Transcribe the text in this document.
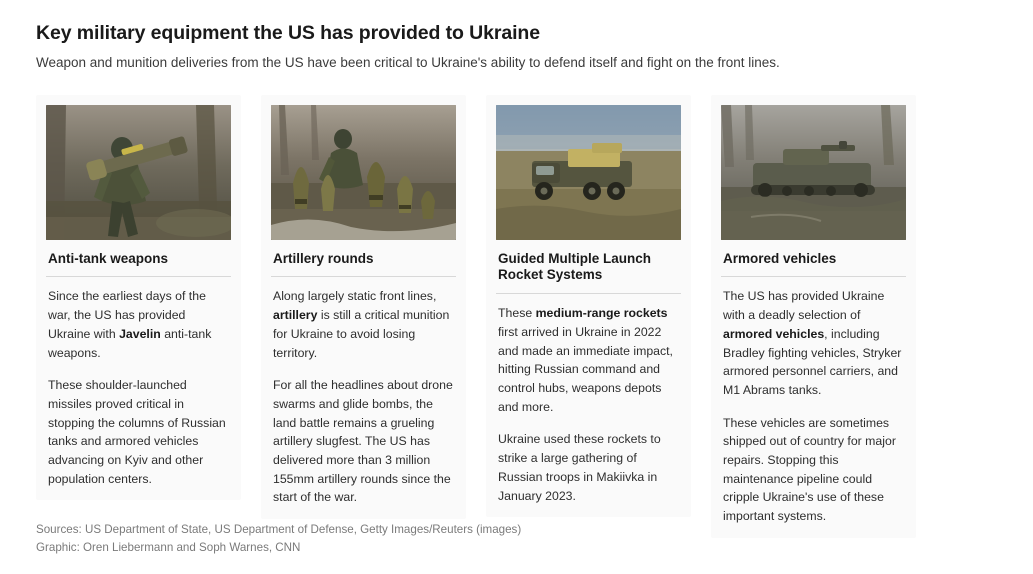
Key military equipment the US has provided to Ukraine

Weapon and munition deliveries from the US have been critical to Ukraine's ability to defend itself and fight on the front lines.

Anti-tank weapons

Since the earliest days of the war, the US has provided Ukraine with Javelin anti-tank weapons.

These shoulder-launched missiles proved critical in stopping the columns of Russian tanks and armored vehicles advancing on Kyiv and other population centers.

Artillery rounds

Along largely static front lines, artillery is still a critical munition for Ukraine to avoid losing territory.

For all the headlines about drone swarms and glide bombs, the land battle remains a grueling artillery slugfest. The US has delivered more than 3 million 155mm artillery rounds since the start of the war.

Guided Multiple Launch Rocket Systems

These medium-range rockets first arrived in Ukraine in 2022 and made an immediate impact, hitting Russian command and control hubs, weapons depots and more.

Ukraine used these rockets to strike a large gathering of Russian troops in Makiivka in January 2023.

Armored vehicles

The US has provided Ukraine with a deadly selection of armored vehicles, including Bradley fighting vehicles, Stryker armored personnel carriers, and M1 Abrams tanks.

These vehicles are sometimes shipped out of country for major repairs. Stopping this maintenance pipeline could cripple Ukraine's use of these important systems.

Sources: US Department of State, US Department of Defense, Getty Images/Reuters (images)
Graphic: Oren Liebermann and Soph Warnes, CNN
